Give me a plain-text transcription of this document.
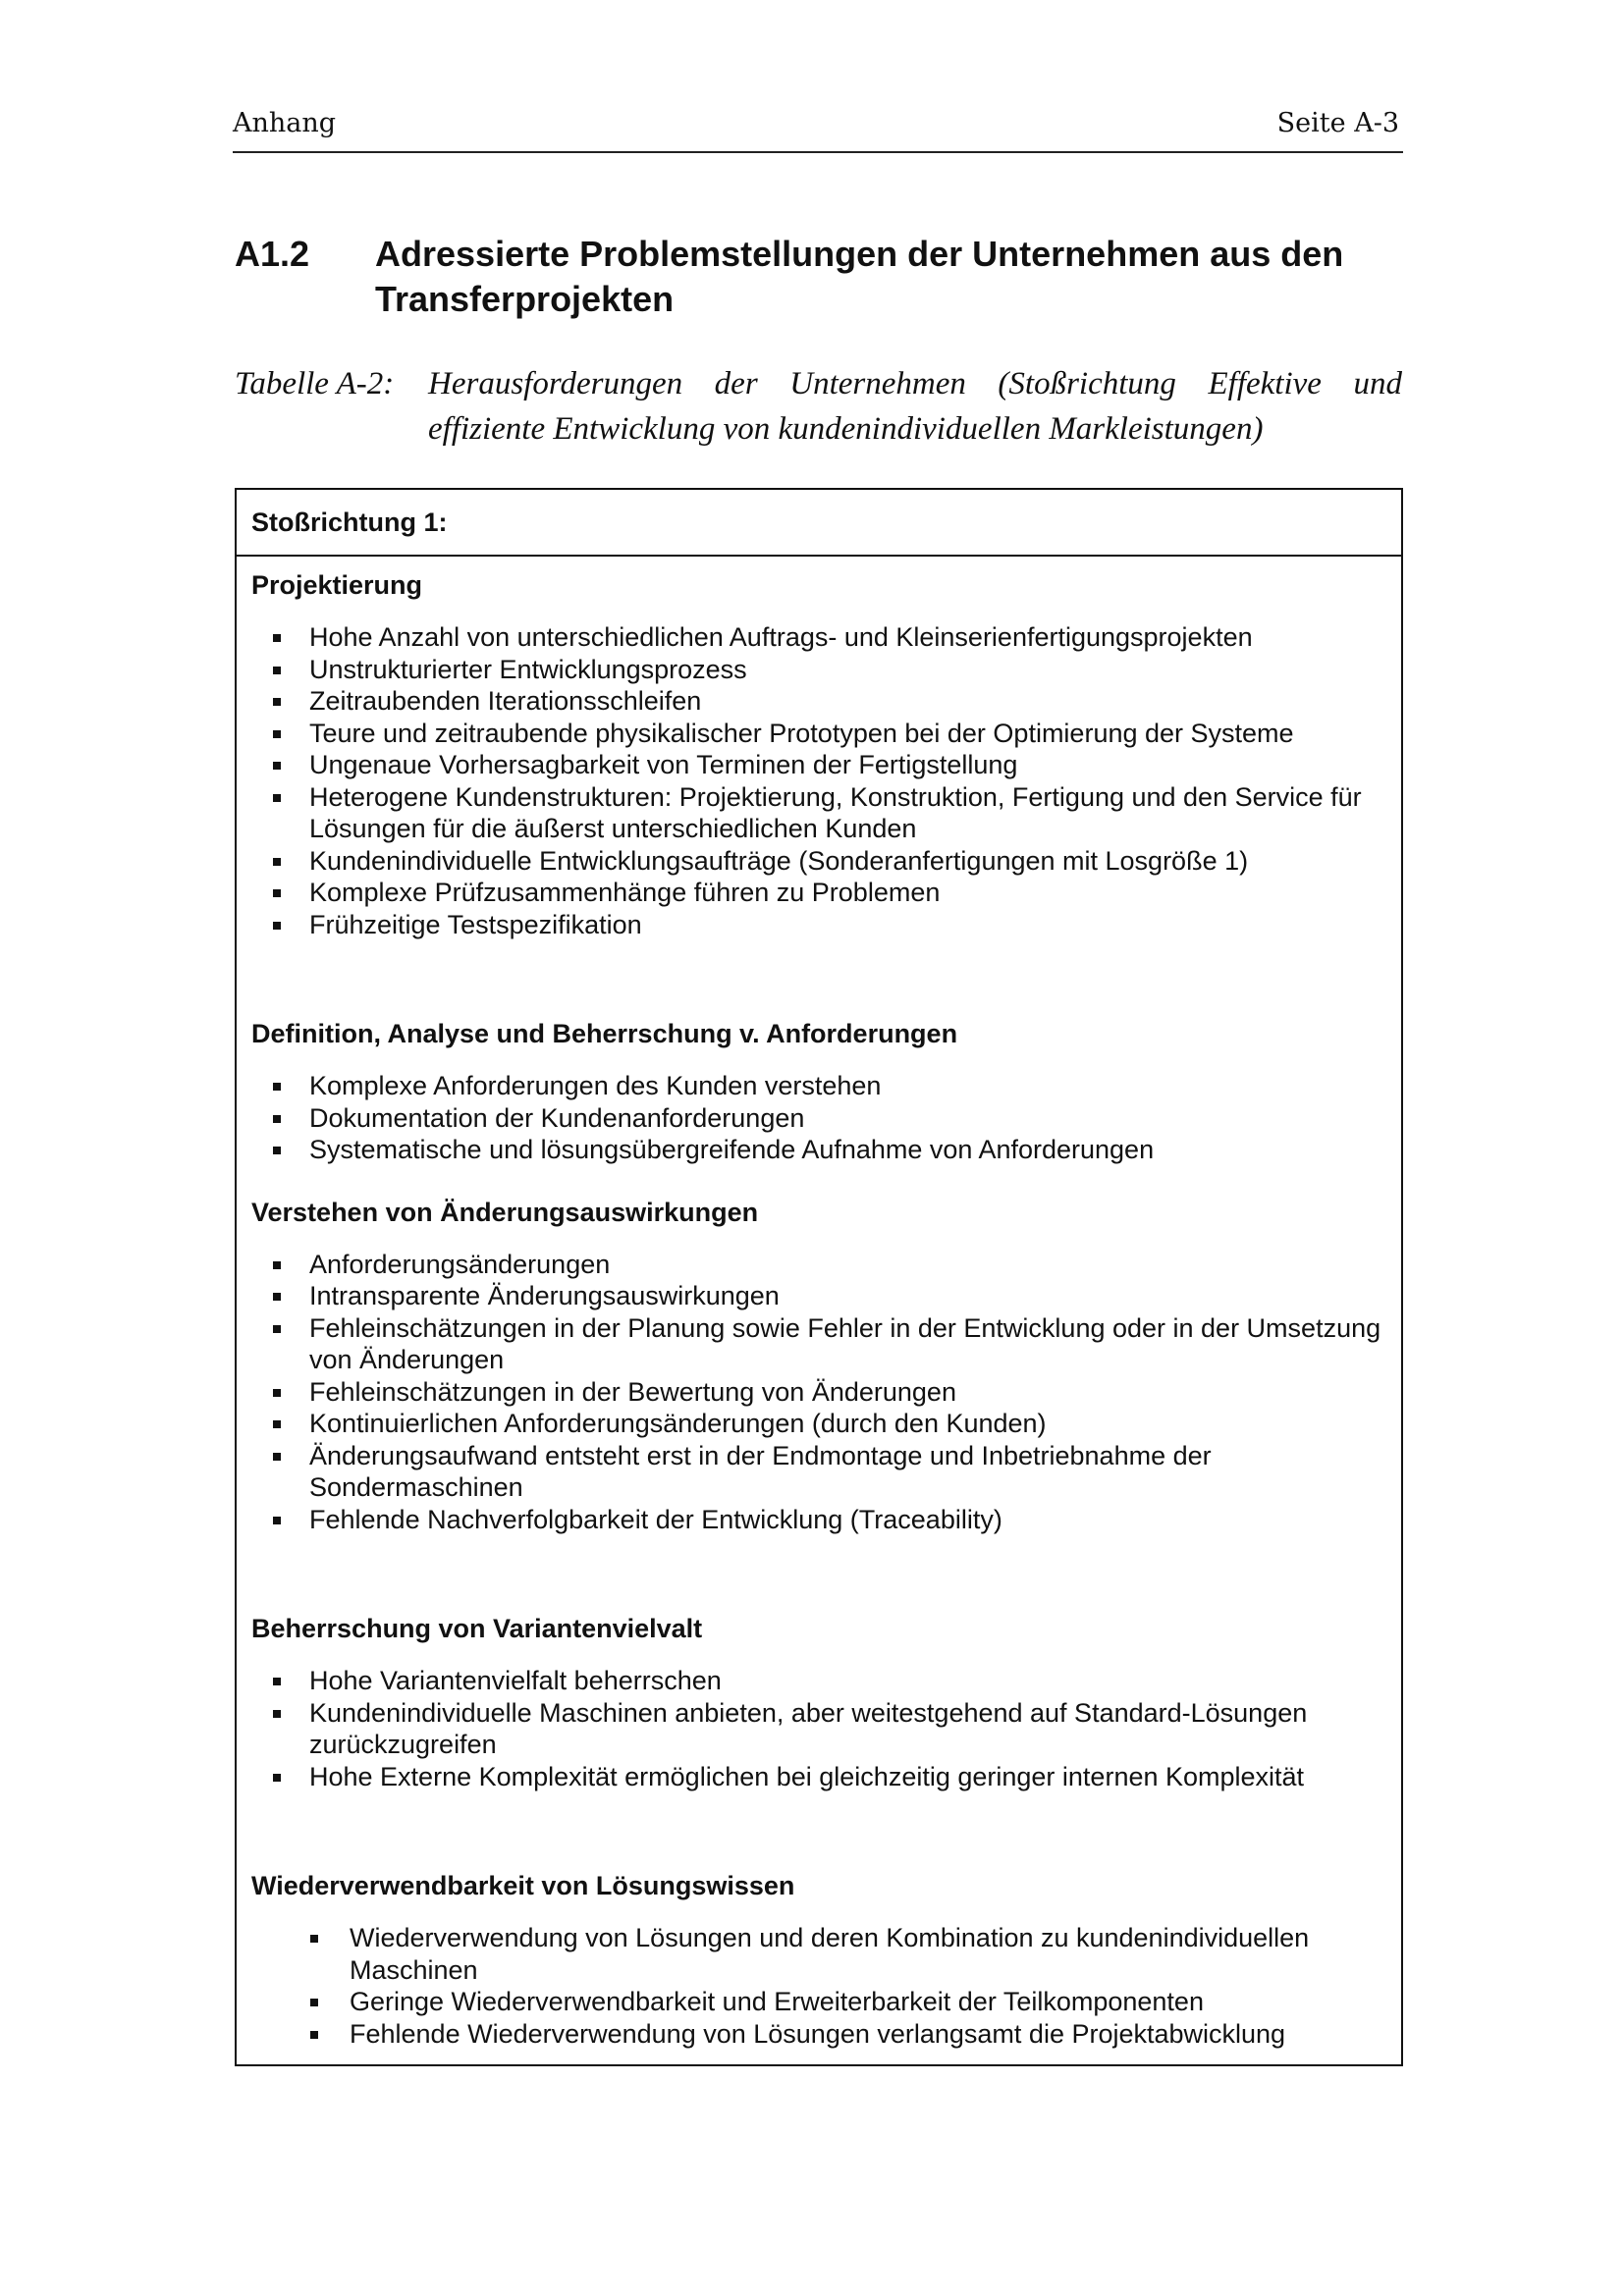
Anhang	Seite A-3
A1.2 Adressierte Problemstellungen der Unternehmen aus den Transferprojekten
Tabelle A-2: Herausforderungen der Unternehmen (Stoßrichtung Effektive und effiziente Entwicklung von kundenindividuellen Markleistungen)
Stoßrichtung 1:
Projektierung
Hohe Anzahl von unterschiedlichen Auftrags- und Kleinserienfertigungsprojekten
Unstrukturierter Entwicklungsprozess
Zeitraubenden Iterationsschleifen
Teure und zeitraubende physikalischer Prototypen bei der Optimierung der Systeme
Ungenaue Vorhersagbarkeit von Terminen der Fertigstellung
Heterogene Kundenstrukturen: Projektierung, Konstruktion, Fertigung und den Service für Lösungen für die äußerst unterschiedlichen Kunden
Kundenindividuelle Entwicklungsaufträge (Sonderanfertigungen mit Losgröße 1)
Komplexe Prüfzusammenhänge führen zu Problemen
Frühzeitige Testspezifikation
Definition, Analyse und Beherrschung v. Anforderungen
Komplexe Anforderungen des Kunden verstehen
Dokumentation der Kundenanforderungen
Systematische und lösungsübergreifende Aufnahme von Anforderungen
Verstehen von Änderungsauswirkungen
Anforderungsänderungen
Intransparente Änderungsauswirkungen
Fehleinschätzungen in der Planung sowie Fehler in der Entwicklung oder in der Umsetzung von Änderungen
Fehleinschätzungen in der Bewertung von Änderungen
Kontinuierlichen Anforderungsänderungen (durch den Kunden)
Änderungsaufwand entsteht erst in der Endmontage und Inbetriebnahme der Sondermaschinen
Fehlende Nachverfolgbarkeit der Entwicklung (Traceability)
Beherrschung von Variantenvielvalt
Hohe Variantenvielfalt beherrschen
Kundenindividuelle Maschinen anbieten, aber weitestgehend auf Standard-Lösungen zurückzugreifen
Hohe Externe Komplexität ermöglichen bei gleichzeitig geringer internen Komplexität
Wiederverwendbarkeit von Lösungswissen
Wiederverwendung von Lösungen und deren Kombination zu kundenindividuellen Maschinen
Geringe Wiederverwendbarkeit und Erweiterbarkeit der Teilkomponenten
Fehlende Wiederverwendung von Lösungen verlangsamt die Projektabwicklung
